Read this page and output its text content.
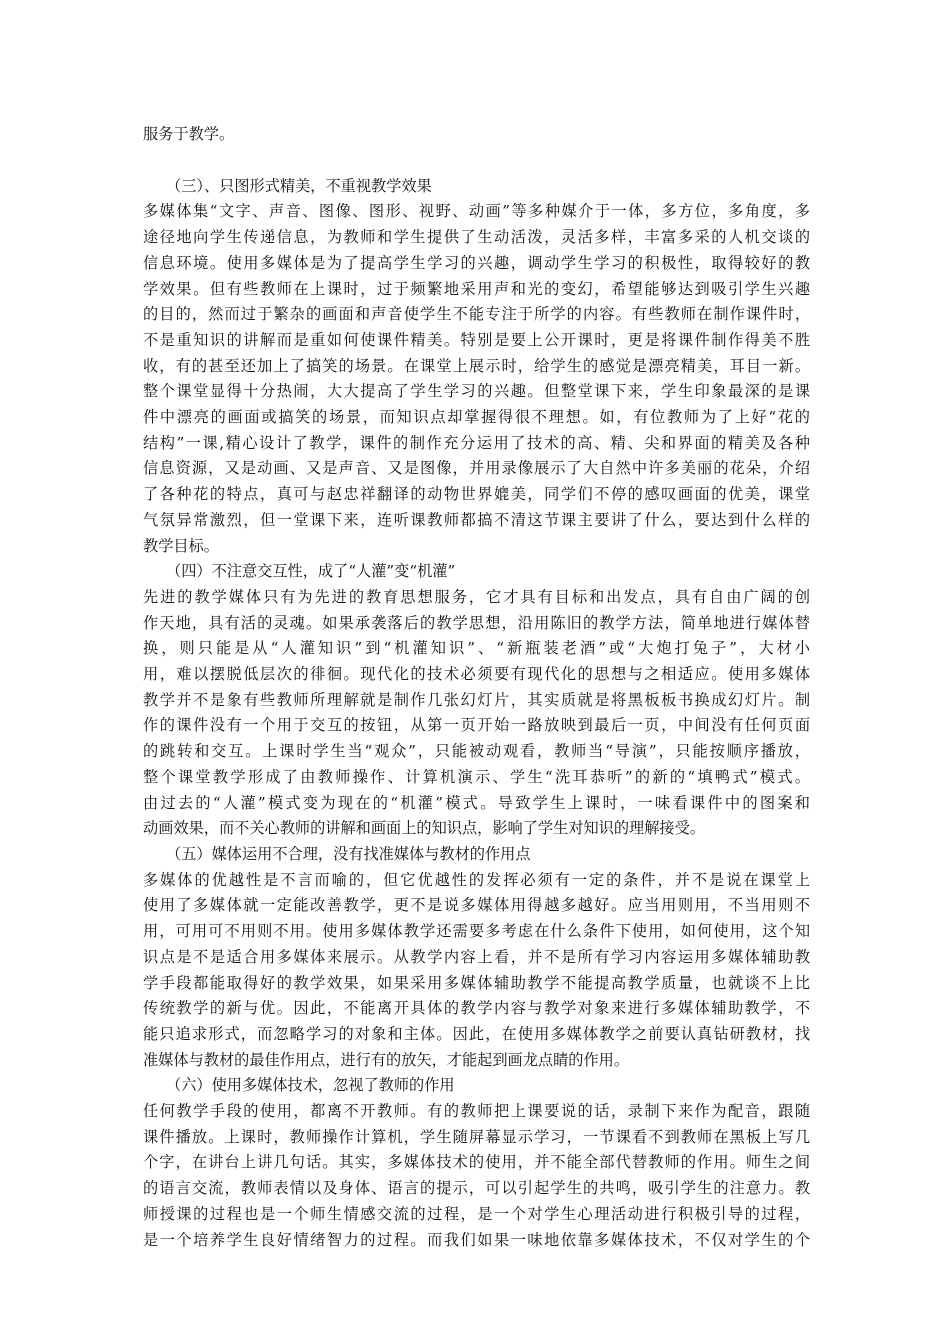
服务于教学。

（三）、只图形式精美，不重视教学效果

多媒体集“文字、声音、图像、图形、视野、动画”等多种媒介于一体，多方位，多角度，多
途径地向学生传递信息，为教师和学生提供了生动活泼，灵活多样，丰富多采的人机交谈的
信息环境。使用多媒体是为了提高学生学习的兴趣，调动学生学习的积极性，取得较好的教
学效果。但有些教师在上课时，过于频繁地采用声和光的变幻，希望能够达到吸引学生兴趣
的目的，然而过于繁杂的画面和声音使学生不能专注于所学的内容。有些教师在制作课件时，
不是重知识的讲解而是重如何使课件精美。特别是要上公开课时，更是将课件制作得美不胜
收，有的甚至还加上了搞笑的场景。在课堂上展示时，给学生的感觉是漂亮精美，耳目一新。
整个课堂显得十分热闹，大大提高了学生学习的兴趣。但整堂课下来，学生印象最深的是课
件中漂亮的画面或搞笑的场景，而知识点却掌握得很不理想。如，有位教师为了上好“花的
结构”一课,精心设计了教学，课件的制作充分运用了技术的高、精、尖和界面的精美及各种
信息资源，又是动画、又是声音、又是图像，并用录像展示了大自然中许多美丽的花朵，介绍
了各种花的特点，真可与赵忠祥翻译的动物世界媲美，同学们不停的感叹画面的优美，课堂
气氛异常激烈，但一堂课下来，连听课教师都搞不清这节课主要讲了什么，要达到什么样的
教学目标。

（四）不注意交互性，成了“人灌”变“机灌”

先进的教学媒体只有为先进的教育思想服务，它才具有目标和出发点，具有自由广阔的创
作天地，具有活的灵魂。如果承袭落后的教学思想，沿用陈旧的教学方法，简单地进行媒体替
换，则只能是从“人灌知识”到“机灌知识”、“新瓶装老酒”或“大炮打兔子”，大材小
用，难以摆脱低层次的徘徊。现代化的技术必须要有现代化的思想与之相适应。使用多媒体
教学并不是象有些教师所理解就是制作几张幻灯片，其实质就是将黑板板书换成幻灯片。制
作的课件没有一个用于交互的按钮，从第一页开始一路放映到最后一页，中间没有任何页面
的跳转和交互。上课时学生当“观众”，只能被动观看，教师当“导演”，只能按顺序播放，
整个课堂教学形成了由教师操作、计算机演示、学生“洗耳恭听”的新的“填鸭式”模式。
由过去的“人灌”模式变为现在的“机灌”模式。导致学生上课时，一味看课件中的图案和
动画效果，而不关心教师的讲解和画面上的知识点，影响了学生对知识的理解接受。

（五）媒体运用不合理，没有找准媒体与教材的作用点

多媒体的优越性是不言而喻的，但它优越性的发挥必须有一定的条件，并不是说在课堂上
使用了多媒体就一定能改善教学，更不是说多媒体用得越多越好。应当用则用，不当用则不
用，可用可不用则不用。使用多媒体教学还需要多考虑在什么条件下使用，如何使用，这个知
识点是不是适合用多媒体来展示。从教学内容上看，并不是所有学习内容运用多媒体辅助教
学手段都能取得好的教学效果，如果采用多媒体辅助教学不能提高教学质量，也就谈不上比
传统教学的新与优。因此，不能离开具体的教学内容与教学对象来进行多媒体辅助教学，不
能只追求形式，而忽略学习的对象和主体。因此，在使用多媒体教学之前要认真钻研教材，找
准媒体与教材的最佳作用点，进行有的放矢，才能起到画龙点睛的作用。

（六）使用多媒体技术，忽视了教师的作用

任何教学手段的使用，都离不开教师。有的教师把上课要说的话，录制下来作为配音，跟随
课件播放。上课时，教师操作计算机，学生随屏幕显示学习，一节课看不到教师在黑板上写几
个字，在讲台上讲几句话。其实，多媒体技术的使用，并不能全部代替教师的作用。师生之间
的语言交流，教师表情以及身体、语言的提示，可以引起学生的共鸣，吸引学生的注意力。教
师授课的过程也是一个师生情感交流的过程，是一个对学生心理活动进行积极引导的过程，
是一个培养学生良好情绪智力的过程。而我们如果一味地依靠多媒体技术，不仅对学生的个
